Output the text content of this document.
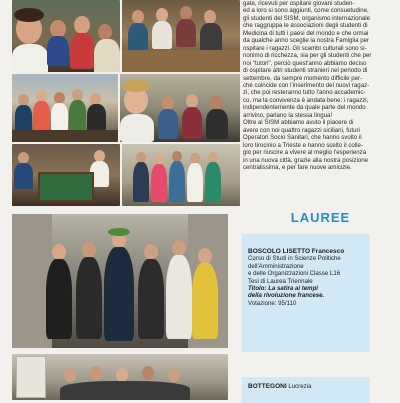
gate, ricevuti per ospitare giovani studen-
ed a loro si sono aggiunti, come consuetudine,
gli studenti del SISM, organismo internazionale
che raggruppa le associazioni degli studenti di
Medicina di tutti i paesi del mondo e che ormai
da qualche anno sceglie la nostra Famiglia per
ospitare i ragazzi. Gli scambi culturali sono si-
nonimo di ricchezza, sia per gli studenti che per
noi "tutori", perciò quest'anno abbiamo deciso
di ospitare altri studenti stranieri nel periodo di
settembre, da sempre momento difficile per-
ché coincide con l'inserimento dei nuovi ragaz-
zi, che poi resteranno tutto l'anno accademic-
co, ma la convivenza è andata bene: i ragazzi,
indipendentemente da quale parte del mondo
arrivino, parlano la stessa lingua!

Oltre al SISM abbiamo avuto il piacere di
avere con noi quattro ragazzi siciliani, futuri
Operatori Socio Sanitari, che hanno svolto il
loro tirocinio a Trieste e hanno scelto il colle-
gio per riuscire a vivere al meglio l'esperienza
in una nuova città, grazie alla nostra posizione
centralissima, e per fare nuove amicizie.

LAUREE
BOSCOLO LISETTO Francesco
Corso di Studi in Scienze Politiche
dell'Amministrazione
e delle Organizzazioni Classe L16
Tesi di Laurea Triennale
Titolo: La satira ai tempi
della rivoluzione francese.
Votazione: 95/110
BOTTEGONI Lucrezia
